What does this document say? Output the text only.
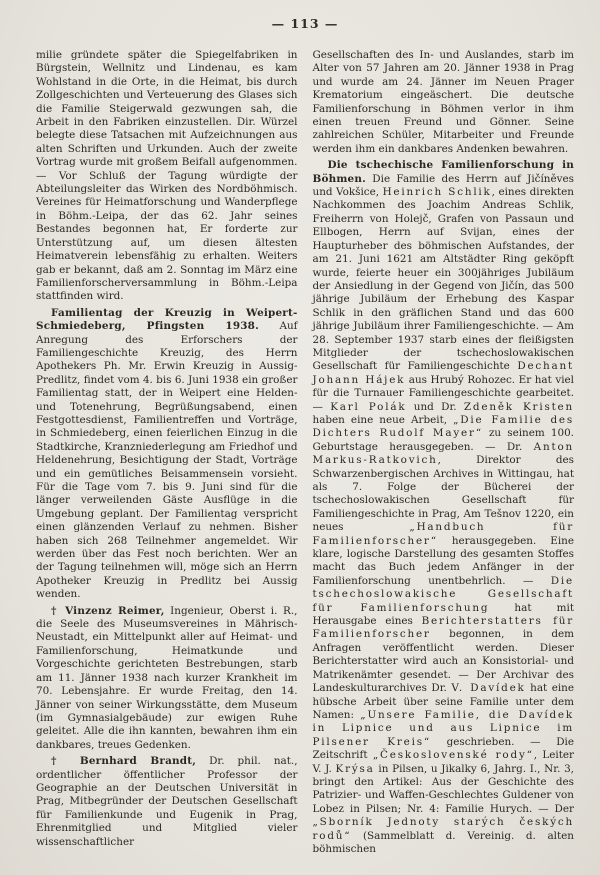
— 113 —

milie gründete später die Spiegelfabriken in Bürgstein, Wellnitz und Lindenau, es kam Wohlstand in die Orte, in die Heimat, bis durch Zollgeschichten und Verteuerung des Glases sich die Familie Steigerwald gezwungen sah, die Arbeit in den Fabriken einzustellen. Dir. Würzel belegte diese Tatsachen mit Aufzeichnungen aus alten Schriften und Urkunden. Auch der zweite Vortrag wurde mit großem Beifall aufgenommen. — Vor Schluß der Tagung würdigte der Abteilungsleiter das Wirken des Nordböhmisch. Vereines für Heimatforschung und Wanderpflege in Böhm.-Leipa, der das 62. Jahr seines Bestandes begonnen hat, Er forderte zur Unterstützung auf, um diesen ältesten Heimatverein lebensfähig zu erhalten. Weiters gab er bekannt, daß am 2. Sonntag im März eine Familienforscherversammlung in Böhm.-Leipa stattfinden wird.

Familientag der Kreuzig in Weipert-Schmiedeberg, Pfingsten 1938. Auf Anregung des Erforschers der Familiengeschichte Kreuzig, des Herrn Apothekers Ph. Mr. Erwin Kreuzig in Aussig-Predlitz, findet vom 4. bis 6. Juni 1938 ein großer Familientag statt, der in Weipert eine Helden- und Totenehrung, Begrüßungsabend, einen Festgottesdienst, Familientreffen und Vorträge, in Schmiedeberg, einen feierlichen Einzug in die Stadtkirche, Kranzniederlegung am Friedhof und Heldenehrung, Besichtigung der Stadt, Vorträge und ein gemütliches Beisammensein vorsieht. Für die Tage vom 7. bis 9. Juni sind für die länger verweilenden Gäste Ausflüge in die Umgebung geplant. Der Familientag verspricht einen glänzenden Verlauf zu nehmen. Bisher haben sich 268 Teilnehmer angemeldet. Wir werden über das Fest noch berichten. Wer an der Tagung teilnehmen will, möge sich an Herrn Apotheker Kreuzig in Predlitz bei Aussig wenden.

† Vinzenz Reimer, Ingenieur, Oberst i. R., die Seele des Museumsvereines in Mährisch-Neustadt, ein Mittelpunkt aller auf Heimat- und Familienforschung, Heimatkunde und Vorgeschichte gerichteten Bestrebungen, starb am 11. Jänner 1938 nach kurzer Krankheit im 70. Lebensjahre. Er wurde Freitag, den 14. Jänner von seiner Wirkungsstätte, dem Museum (im Gymnasialgebäude) zur ewigen Ruhe geleitet. Alle die ihn kannten, bewahren ihm ein dankbares, treues Gedenken.

† Bernhard Brandt, Dr. phil. nat., ordentlicher öffentlicher Professor der Geographie an der Deutschen Universität in Prag, Mitbegründer der Deutschen Gesellschaft für Familienkunde und Eugenik in Prag, Ehrenmitglied und Mitglied vieler wissenschaftlicher

Gesellschaften des In- und Auslandes, starb im Alter von 57 Jahren am 20. Jänner 1938 in Prag und wurde am 24. Jänner im Neuen Prager Krematorium eingeäschert. Die deutsche Familienforschung in Böhmen verlor in ihm einen treuen Freund und Gönner. Seine zahlreichen Schüler, Mitarbeiter und Freunde werden ihm ein dankbares Andenken bewahren.

Die tschechische Familienforschung in Böhmen. Die Familie des Herrn auf Jičíněves und Vokšice, Heinrich Schlik, eines direkten Nachkommen des Joachim Andreas Schlik, Freiherrn von Holejč, Grafen von Passaun und Ellbogen, Herrn auf Svijan, eines der Haupturheber des böhmischen Aufstandes, der am 21. Juni 1621 am Altstädter Ring geköpft wurde, feierte heuer ein 300jähriges Jubiläum der Ansiedlung in der Gegend von Jičín, das 500 jährige Jubiläum der Erhebung des Kaspar Schlik in den gräflichen Stand und das 600 jährige Jubiläum ihrer Familiengeschichte. — Am 28. September 1937 starb eines der fleißigsten Mitglieder der tschechoslowakischen Gesellschaft für Familiengeschichte Dechant Johann Hájek aus Hrubý Rohozec. Er hat viel für die Turnauer Familiengeschichte gearbeitet. — Karl Polák und Dr. Zdeněk Kristen haben eine neue Arbeit, „Die Familie des Dichters Rudolf Mayer“ zu seinem 100. Geburtstage herausgegeben. — Dr. Anton Markus-Ratkovich, Direktor des Schwarzenbergischen Archives in Wittingau, hat als 7. Folge der Bücherei der tschechoslowakischen Gesellschaft für Familiengeschichte in Prag, Am Tešnov 1220, ein neues „Handbuch für Familienforscher“ herausgegeben. Eine klare, logische Darstellung des gesamten Stoffes macht das Buch jedem Anfänger in der Familienforschung unentbehrlich. — Die tschechoslowakische Gesellschaft für Familienforschung hat mit Herausgabe eines Berichterstatters für Familienforscher begonnen, in dem Anfragen veröffentlicht werden. Dieser Berichterstatter wird auch an Konsistorial- und Matrikenämter gesendet. — Der Archivar des Landeskulturarchives Dr. V. Davídek hat eine hübsche Arbeit über seine Familie unter dem Namen: „Unsere Familie, die Davídek in Lipnice und aus Lipnice im Pilsener Kreis“ geschrieben. — Die Zeitschrift „Československé rody“, Leiter V. J. Krýsa in Pilsen, u Jikalky 6, Jahrg. I., Nr. 3, bringt den Artikel: Aus der Geschichte des Patrizier- und Waffen-Geschlechtes Guldener von Lobez in Pilsen; Nr. 4: Familie Hurych. — Der „Sborník Jednoty starých českých rodů“ (Sammelblatt d. Vereinig. d. alten böhmischen
